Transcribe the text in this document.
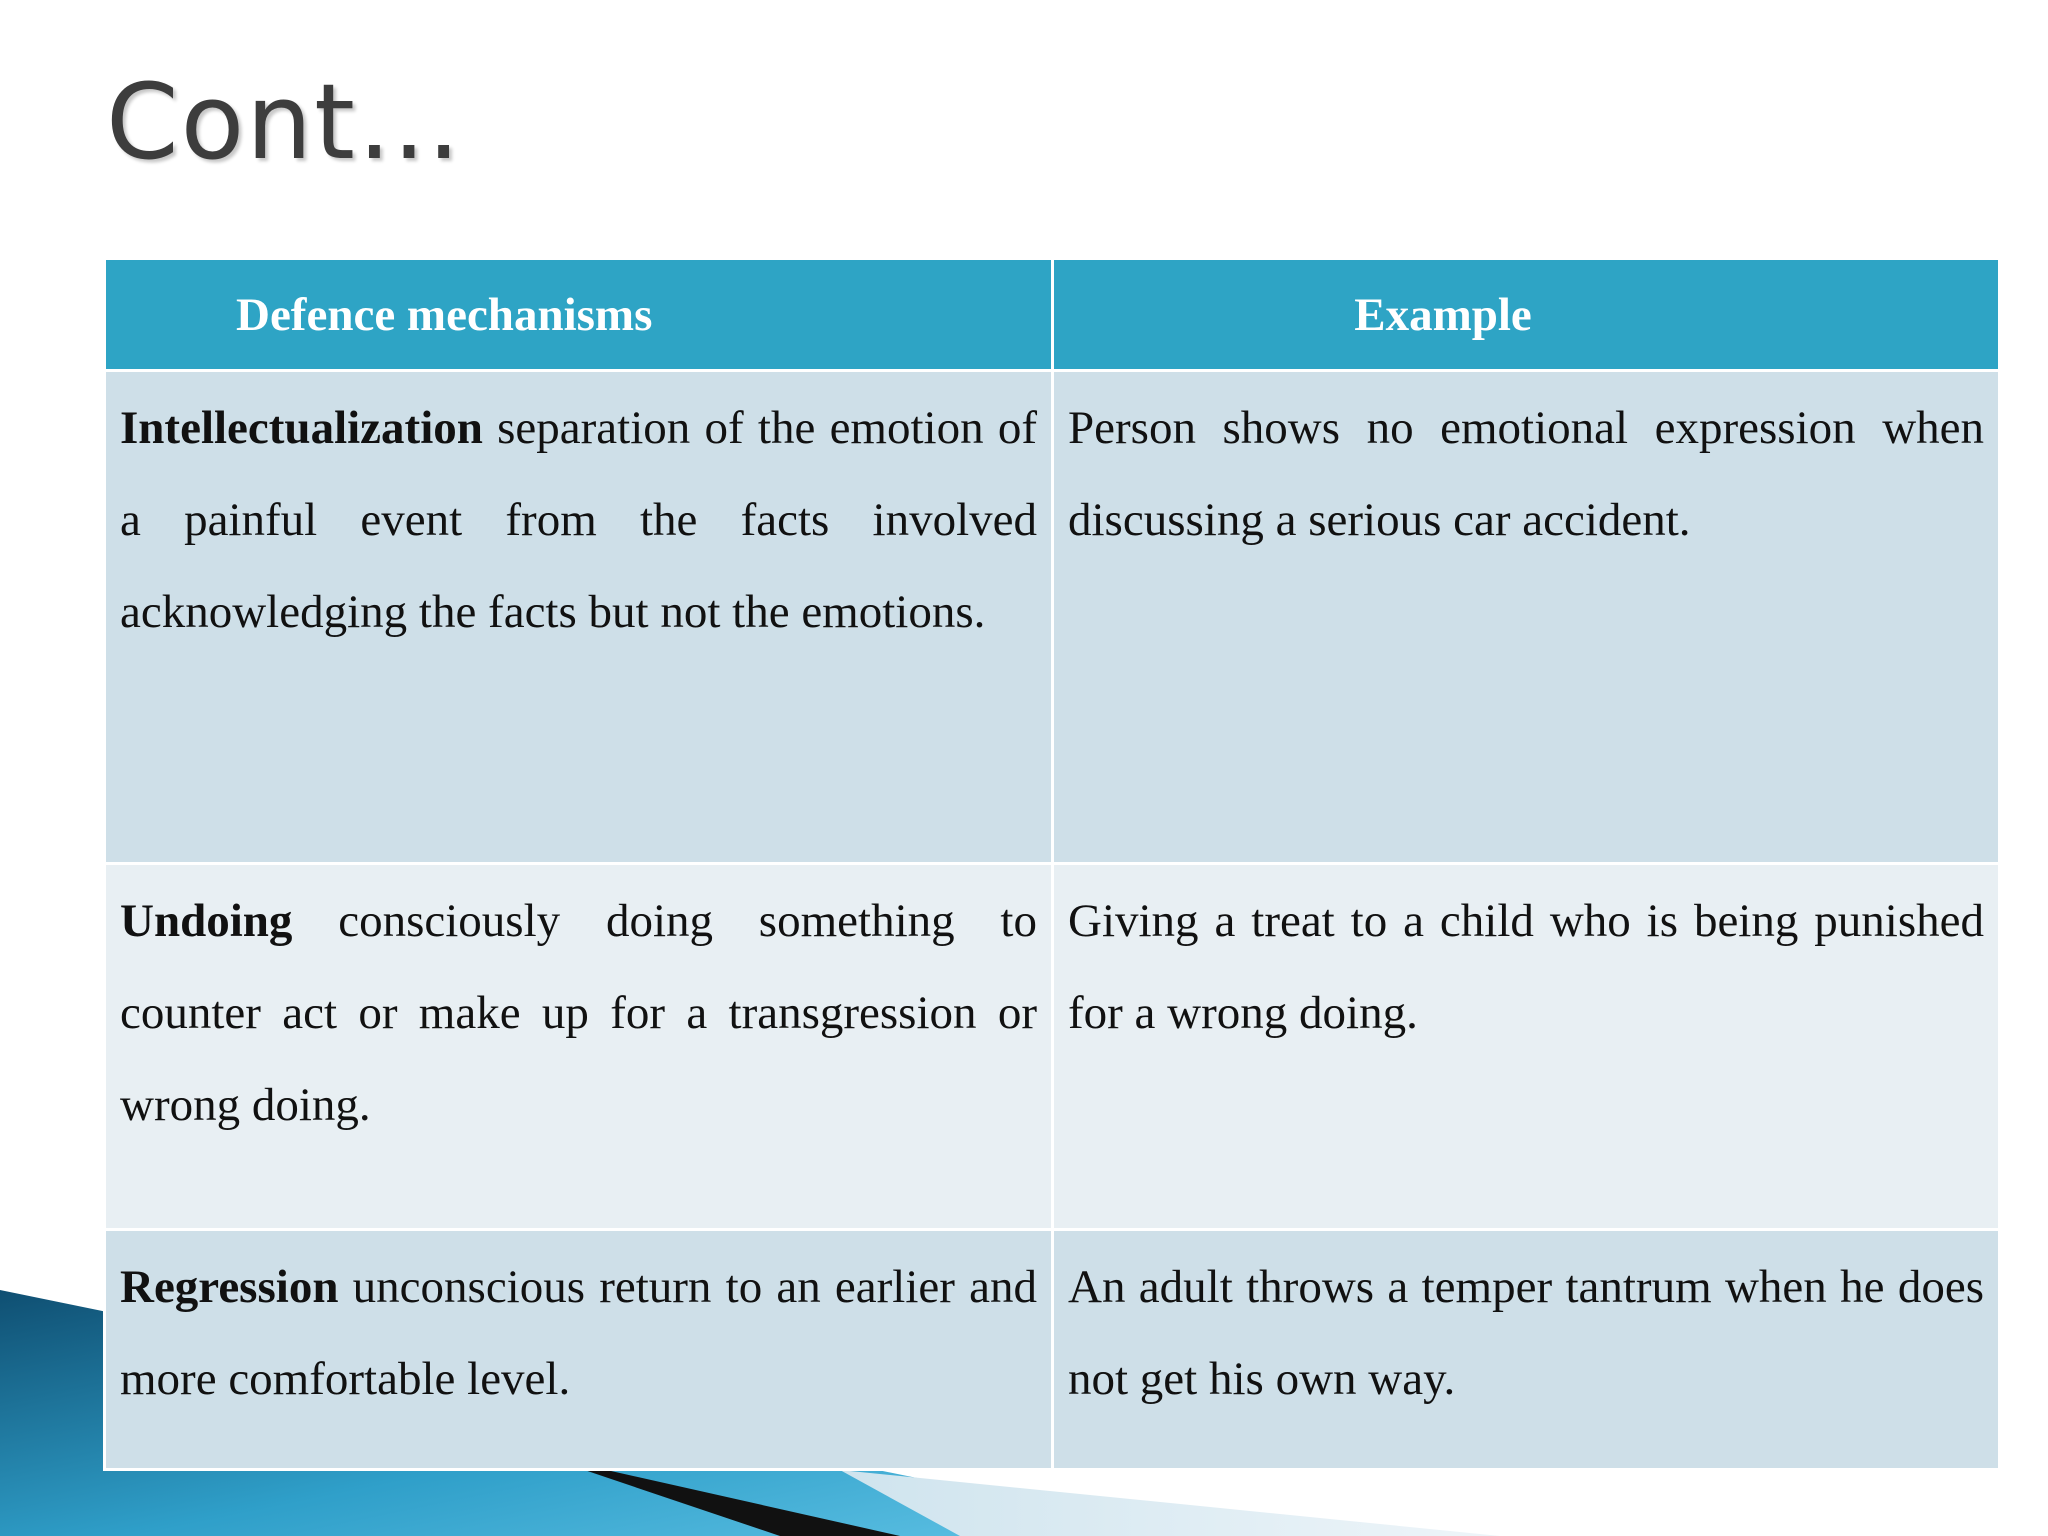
Cont…
Defence mechanisms	Example
Intellectualization separation of the emotion of a painful event from the facts involved acknowledging the facts but not the emotions.	Person shows no emotional expression when discussing a serious car accident.
Undoing consciously doing something to counter act or make up for a transgression or wrong doing.	Giving a treat to a child who is being punished for a wrong doing.
Regression unconscious return to an earlier and more comfortable level.	An adult throws a temper tantrum when he does not get his own way.
